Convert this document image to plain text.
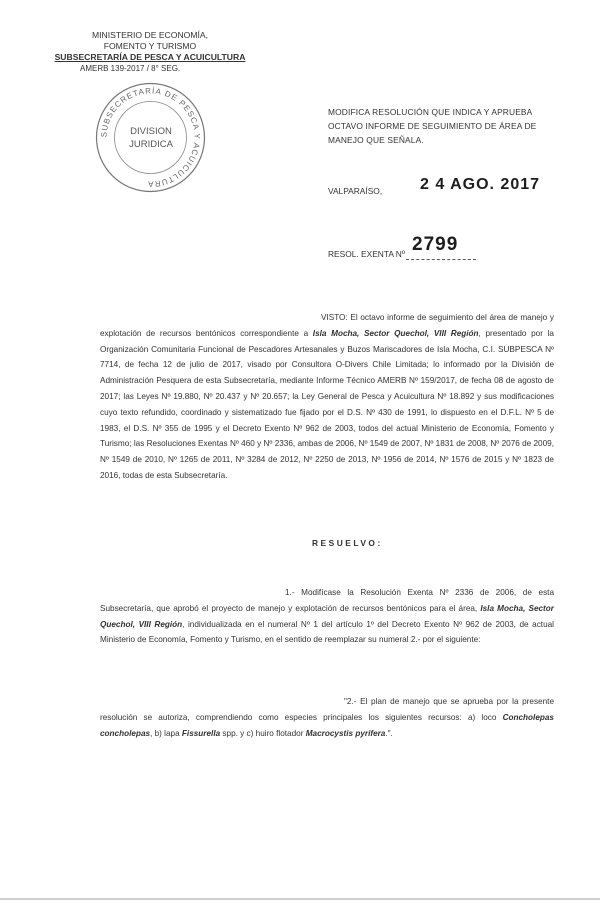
MINISTERIO DE ECONOMÍA,
FOMENTO Y TURISMO
SUBSECRETARÍA DE PESCA Y ACUICULTURA
AMERB 139-2017 / 8° SEG.
SUBSECRETARÍA DE PESCA Y ACUICULTURA
DIVISION
JURIDICA
MODIFICA RESOLUCIÓN QUE INDICA Y APRUEBA OCTAVO INFORME DE SEGUIMIENTO DE ÁREA DE MANEJO QUE SEÑALA.
VALPARAÍSO, 2 4 AGO. 2017
RESOL. EXENTA Nº 2799
VISTO: El octavo informe de seguimiento del área de manejo y explotación de recursos bentónicos correspondiente a Isla Mocha, Sector Quechol, VIII Región, presentado por la Organización Comunitaria Funcional de Pescadores Artesanales y Buzos Mariscadores de Isla Mocha, C.I. SUBPESCA Nº 7714, de fecha 12 de julio de 2017, visado por Consultora O-Divers Chile Limitada; lo informado por la División de Administración Pesquera de esta Subsecretaría, mediante Informe Técnico AMERB Nº 159/2017, de fecha 08 de agosto de 2017; las Leyes Nº 19.880, Nº 20.437 y Nº 20.657; la Ley General de Pesca y Acuicultura Nº 18.892 y sus modificaciones cuyo texto refundido, coordinado y sistematizado fue fijado por el D.S. Nº 430 de 1991, lo dispuesto en el D.F.L. Nº 5 de 1983, el D.S. Nº 355 de 1995 y el Decreto Exento Nº 962 de 2003, todos del actual Ministerio de Economía, Fomento y Turismo; las Resoluciones Exentas Nº 460 y Nº 2336, ambas de 2006, Nº 1549 de 2007, Nº 1831 de 2008, Nº 2076 de 2009, Nº 1549 de 2010, Nº 1265 de 2011, Nº 3284 de 2012, Nº 2250 de 2013, Nº 1956 de 2014, Nº 1576 de 2015 y Nº 1823 de 2016, todas de esta Subsecretaría.
RESUELVO:
1.- Modifícase la Resolución Exenta Nº 2336 de 2006, de esta Subsecretaría, que aprobó el proyecto de manejo y explotación de recursos bentónicos para el área, Isla Mocha, Sector Quechol, VIII Región, individualizada en el numeral Nº 1 del artículo 1º del Decreto Exento Nº 962 de 2003, de actual Ministerio de Economía, Fomento y Turismo, en el sentido de reemplazar su numeral 2.- por el siguiente:
"2.- El plan de manejo que se aprueba por la presente resolución se autoriza, comprendiendo como especies principales los siguientes recursos: a) loco Concholepas concholepas, b) lapa Fissurella spp. y c) huiro flotador Macrocystis pyrifera.".
